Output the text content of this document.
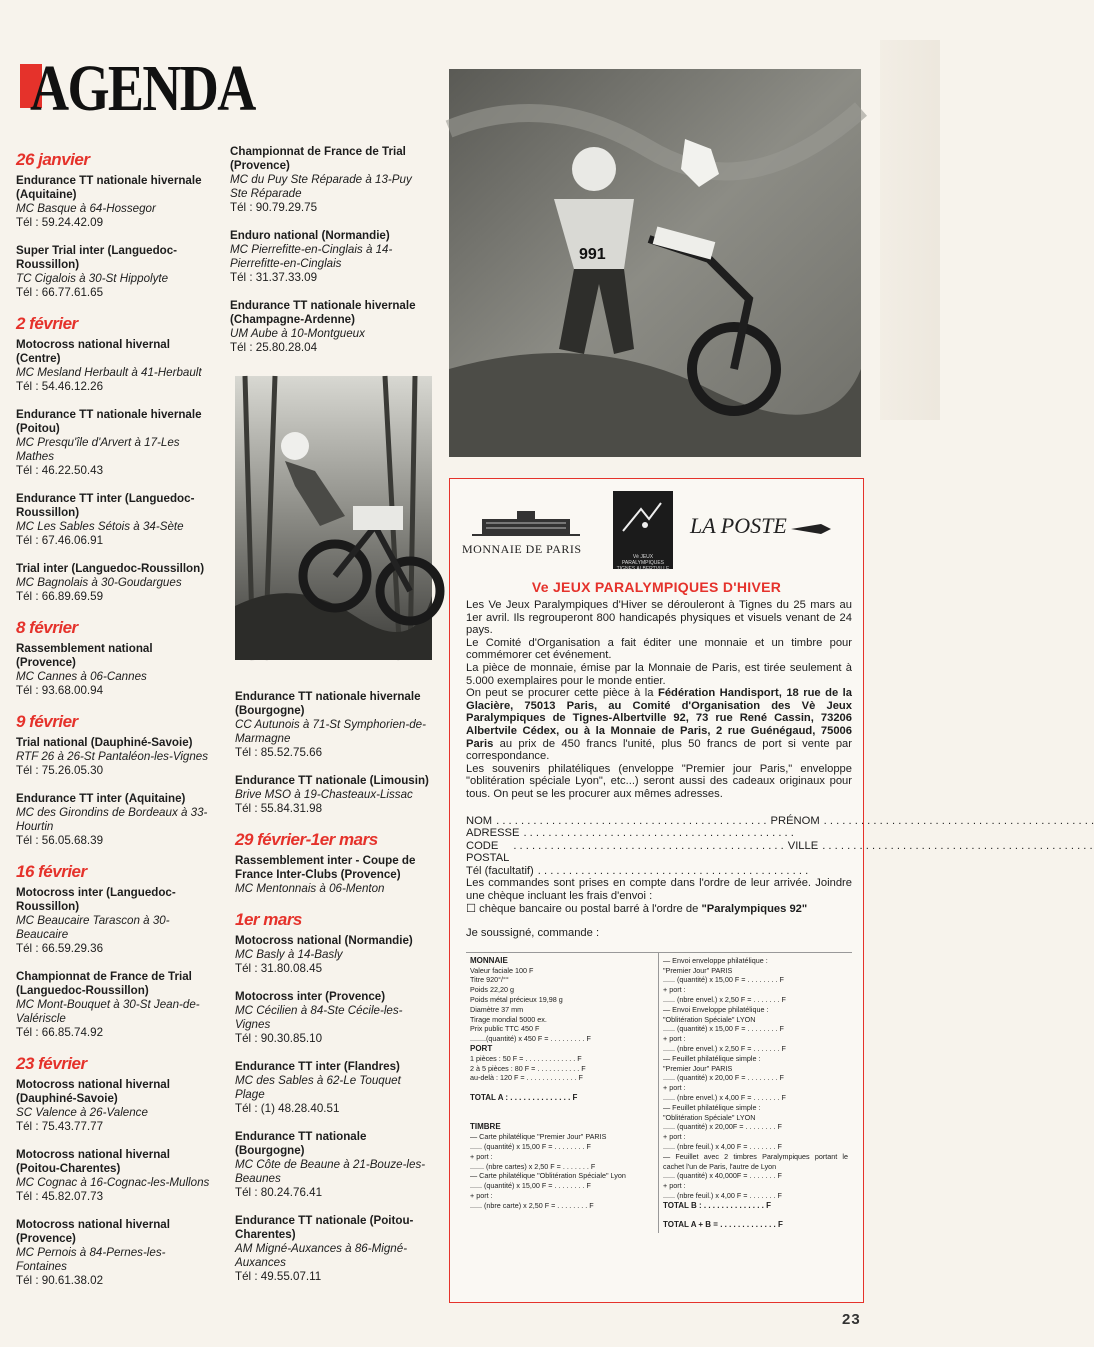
AGENDA
26 janvier
Endurance TT nationale hivernale (Aquitaine)
MC Basque à 64-Hossegor
Tél : 59.24.42.09
Super Trial inter (Languedoc-Roussillon)
TC Cigalois à 30-St Hippolyte
Tél : 66.77.61.65
2 février
Motocross national hivernal (Centre)
MC Mesland Herbault à 41-Herbault
Tél : 54.46.12.26
Endurance TT nationale hivernale (Poitou)
MC Presqu'île d'Arvert à 17-Les Mathes
Tél : 46.22.50.43
Endurance TT inter (Languedoc-Roussillon)
MC Les Sables Sétois à 34-Sète
Tél : 67.46.06.91
Trial inter (Languedoc-Roussillon)
MC Bagnolais à 30-Goudargues
Tél : 66.89.69.59
8 février
Rassemblement national (Provence)
MC Cannes à 06-Cannes
Tél : 93.68.00.94
9 février
Trial national (Dauphiné-Savoie)
RTF 26 à 26-St Pantaléon-les-Vignes
Tél : 75.26.05.30
Endurance TT inter (Aquitaine)
MC des Girondins de Bordeaux à 33-Hourtin
Tél : 56.05.68.39
16 février
Motocross inter (Languedoc-Roussillon)
MC Beaucaire Tarascon à 30-Beaucaire
Tél : 66.59.29.36
Championnat de France de Trial (Languedoc-Roussillon)
MC Mont-Bouquet à 30-St Jean-de-Valériscle
Tél : 66.85.74.92
23 février
Motocross national hivernal (Dauphiné-Savoie)
SC Valence à 26-Valence
Tél : 75.43.77.77
Motocross national hivernal (Poitou-Charentes)
MC Cognac à 16-Cognac-les-Mullons
Tél : 45.82.07.73
Motocross national hivernal (Provence)
MC Pernois à 84-Pernes-les-Fontaines
Tél : 90.61.38.02
Championnat de France de Trial (Provence)
MC du Puy Ste Réparade à 13-Puy Ste Réparade
Tél : 90.79.29.75
Enduro national (Normandie)
MC Pierrefitte-en-Cinglais à 14-Pierrefitte-en-Cinglais
Tél : 31.37.33.09
Endurance TT nationale hivernale (Champagne-Ardenne)
UM Aube à 10-Montgueux
Tél : 25.80.28.04
Endurance TT nationale hivernale (Bourgogne)
CC Autunois à 71-St Symphorien-de-Marmagne
Tél : 85.52.75.66
Endurance TT nationale (Limousin)
Brive MSO à 19-Chasteaux-Lissac
Tél : 55.84.31.98
29 février-1er mars
Rassemblement inter - Coupe de France Inter-Clubs (Provence)
MC Mentonnais à 06-Menton
1er mars
Motocross national (Normandie)
MC Basly à 14-Basly
Tél : 31.80.08.45
Motocross inter (Provence)
MC Cécilien à 84-Ste Cécile-les-Vignes
Tél : 90.30.85.10
Endurance TT inter (Flandres)
MC des Sables à 62-Le Touquet Plage
Tél : (1) 48.28.40.51
Endurance TT nationale (Bourgogne)
MC Côte de Beaune à 21-Bouze-les-Beaunes
Tél : 80.24.76.41
Endurance TT nationale (Poitou-Charentes)
AM Migné-Auxances à 86-Migné-Auxances
Tél : 49.55.07.11
991
MONNAIE DE PARIS
Vè JEUX PARALYMPIQUES TIGNES ALBERTVILLE
LA POSTE
Ve JEUX PARALYMPIQUES D'HIVER
Les Ve Jeux Paralympiques d'Hiver se dérouleront à Tignes du 25 mars au 1er avril. Ils regrouperont 800 handicapés physiques et visuels venant de 24 pays.
Le Comité d'Organisation a fait éditer une monnaie et un timbre pour commémorer cet événement.
La pièce de monnaie, émise par la Monnaie de Paris, est tirée seulement à 5.000 exemplaires pour le monde entier.
On peut se procurer cette pièce à la Fédération Handisport, 18 rue de la Glacière, 75013 Paris, au Comité d'Organisation des Vè Jeux Paralympiques de Tignes-Albertville 92, 73 rue René Cassin, 73206 Albertvile Cédex, ou à la Monnaie de Paris, 2 rue Guénégaud, 75006 Paris au prix de 450 francs l'unité, plus 50 francs de port si vente par correspondance.
Les souvenirs philatéliques (enveloppe "Premier jour Paris," enveloppe "oblitération spéciale Lyon", etc...) seront aussi des cadeaux originaux pour tous. On peut se les procurer aux mêmes adresses.
NOM . . . . . . . . . . . . . . . . . . . . . . . . . . . . . . . . . . . . . . . . . . . . PRÉNOM . . . . . . . . . . . . . . . . . . . . . . . . . . . . . . . . . . . . . . . . . . . .
ADRESSE . . . . . . . . . . . . . . . . . . . . . . . . . . . . . . . . . . . . . . . . . . . .
CODE POSTAL
. . . . . . . . . . . . . . . . . . . . . . . . . . . . . . . . . . . . . . . . . . . . VILLE . . . . . . . . . . . . . . . . . . . . . . . . . . . . . . . . . . . . . . . . . . . .
Tél (facultatif) . . . . . . . . . . . . . . . . . . . . . . . . . . . . . . . . . . . . . . . . . . . .
Les commandes sont prises en compte dans l'ordre de leur arrivée. Joindre une chèque incluant les frais d'envoi :
☐ chèque bancaire ou postal barré à l'ordre de "Paralympiques 92"
Je soussigné, commande :
MONNAIE
Valeur faciale 100 F
Titre 920°/°°
Poids 22,20 g
Poids métal précieux 19,98 g
Diamètre 37 mm
Tirage mondial 5000 ex.
Prix public TTC 450 F
........(quantité) x 450 F = . . . . . . . . . F
PORT
1 pièces : 50 F = . . . . . . . . . . . . . F
2 à 5 pièces : 80 F = . . . . . . . . . . . F
au-delà : 120 F = . . . . . . . . . . . . . F

TOTAL A : . . . . . . . . . . . . . . F

TIMBRE
— Carte philatélique "Premier Jour" PARIS
...... (quantité) x 15,00 F = . . . . . . . . F
+ port :
....... (nbre cartes) x 2,50 F = . . . . . . . F
— Carte philatélique "Oblitération Spéciale" Lyon
...... (quantité) x 15,00 F = . . . . . . . . F
+ port :
...... (nbre carte) x 2,50 F = . . . . . . . . F
— Envoi enveloppe philatélique :
"Premier Jour" PARIS
...... (quantité) x 15,00 F = . . . . . . . . F
+ port :
...... (nbre envel.) x 2,50 F = . . . . . . . F
— Envoi Enveloppe philatélique :
"Oblitération Spéciale" LYON
...... (quantité) x 15,00 F = . . . . . . . . F
+ port :
...... (nbre envel.) x 2,50 F = . . . . . . . F
— Feuillet philatélique simple :
"Premier Jour" PARIS
...... (quantité) x 20,00 F = . . . . . . . . F
+ port :
...... (nbre envel.) x 4,00 F = . . . . . . . F
— Feuillet philatélique simple :
"Oblitération Spéciale" LYON
...... (quantité) x 20,00F = . . . . . . . . F
+ port :
...... (nbre feuil.) x 4,00 F = . . . . . . . F
— Feuillet avec 2 timbres Paralympiques portant le cachet l'un de Paris, l'autre de Lyon
...... (quantité) x 40,000F = . . . . . . . F
+ port :
...... (nbre feuil.) x 4,00 F = . . . . . . . F
TOTAL B : . . . . . . . . . . . . . . F

TOTAL A + B = . . . . . . . . . . . . . F
23
